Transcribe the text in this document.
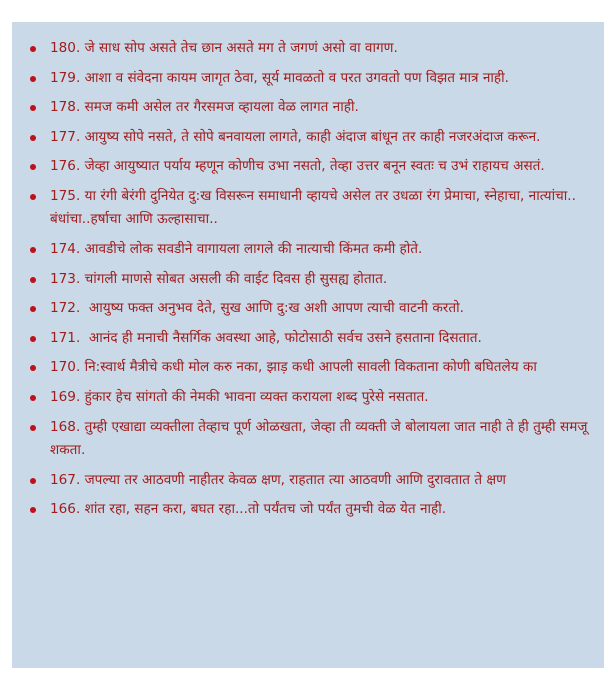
180. जे साध सोप असते तेच छान असते मग ते जगणं असो वा वागण.
179. आशा व संवेदना कायम जागृत ठेवा, सूर्य मावळतो व परत उगवतो पण विझत मात्र नाही.
178. समज कमी असेल तर गैरसमज व्हायला वेळ लागत नाही.
177. आयुष्य सोपे नसते, ते सोपे बनवायला लागते, काही अंदाज बांधून तर काही नजरअंदाज करून.
176. जेव्हा आयुष्यात पर्याय म्हणून कोणीच उभा नसतो, तेव्हा उत्तर बनून स्वतः च उभं राहायच असतं.
175. या रंगी बेरंगी दुनियेत दु:ख विसरून समाधानी व्हायचे असेल तर उधळा रंग प्रेमाचा, स्नेहाचा, नात्यांचा.. बंधांचा..हर्षाचा आणि ऊल्हासाचा..
174. आवडीचे लोक सवडीने वागायला लागले की नात्याची किंमत कमी होते.
173. चांगली माणसे सोबत असली की वाईट दिवस ही सुसह्य होतात.
172.  आयुष्य फक्त अनुभव देते, सुख आणि दु:ख अशी आपण त्याची वाटनी करतो.
171.  आनंद ही मनाची नैसर्गिक अवस्था आहे, फोटोसाठी सर्वच उसने हसताना दिसतात.
170. नि:स्वार्थ मैत्रीचे कधी मोल करु नका, झाड़ कधी आपली सावली विकताना कोणी बघितलेय का
169. हुंकार हेच सांगतो की नेमकी भावना व्यक्त करायला शब्द पुरेसे नसतात.
168. तुम्ही एखाद्या व्यक्तीला तेव्हाच पूर्ण ओळखता, जेव्हा ती व्यक्ती जे बोलायला जात नाही ते ही तुम्ही समजू शकता.
167. जपल्या तर आठवणी नाहीतर केवळ क्षण, राहतात त्या आठवणी आणि दुरावतात ते क्षण
166. शांत रहा, सहन करा, बघत रहा...तो पर्यंतच जो पर्यंत तुमची वेळ येत नाही.
